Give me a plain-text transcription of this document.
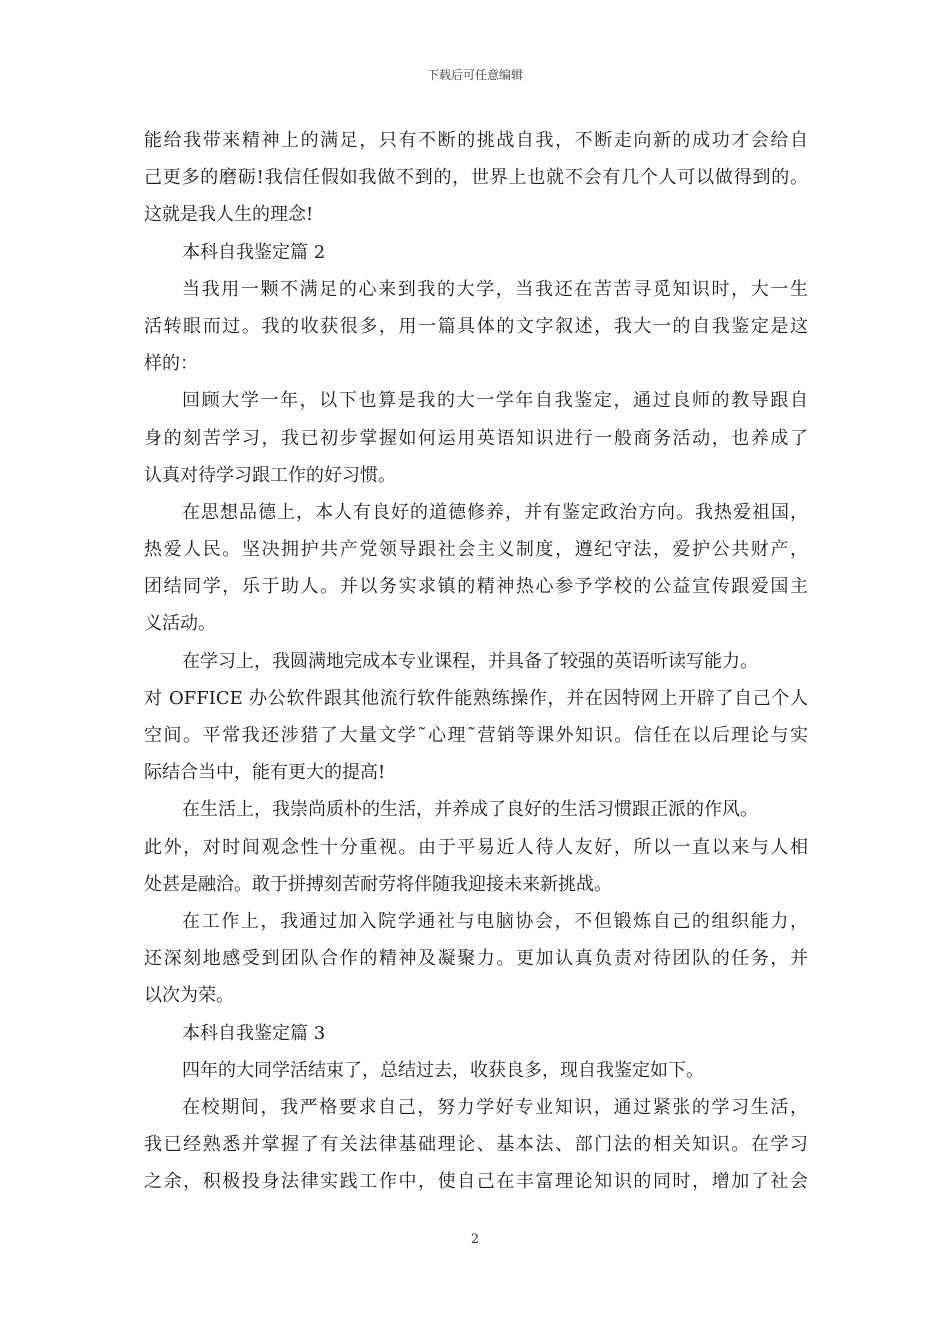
下载后可任意编辑
能给我带来精神上的满足，只有不断的挑战自我，不断走向新的成功才会给自
己更多的磨砺!我信任假如我做不到的，世界上也就不会有几个人可以做得到的。
这就是我人生的理念!
本科自我鉴定篇 2
当我用一颗不满足的心来到我的大学，当我还在苦苦寻觅知识时，大一生
活转眼而过。我的收获很多，用一篇具体的文字叙述，我大一的自我鉴定是这
样的：
回顾大学一年，以下也算是我的大一学年自我鉴定，通过良师的教导跟自
身的刻苦学习，我已初步掌握如何运用英语知识进行一般商务活动，也养成了
认真对待学习跟工作的好习惯。
在思想品德上，本人有良好的道德修养，并有鉴定政治方向。我热爱祖国，
热爱人民。坚决拥护共产党领导跟社会主义制度，遵纪守法，爱护公共财产，
团结同学，乐于助人。并以务实求镇的精神热心参予学校的公益宣传跟爱国主
义活动。
在学习上，我圆满地完成本专业课程，并具备了较强的英语听读写能力。
对 OFFICE 办公软件跟其他流行软件能熟练操作，并在因特网上开辟了自己个人
空间。平常我还涉猎了大量文学˜心理˜营销等课外知识。信任在以后理论与实
际结合当中，能有更大的提高!
在生活上，我崇尚质朴的生活，并养成了良好的生活习惯跟正派的作风。
此外，对时间观念性十分重视。由于平易近人待人友好，所以一直以来与人相
处甚是融洽。敢于拼搏刻苦耐劳将伴随我迎接未来新挑战。
在工作上，我通过加入院学通社与电脑协会，不但锻炼自己的组织能力，
还深刻地感受到团队合作的精神及凝聚力。更加认真负责对待团队的任务，并
以次为荣。
本科自我鉴定篇 3
四年的大同学活结束了，总结过去，收获良多，现自我鉴定如下。
在校期间，我严格要求自己，努力学好专业知识，通过紧张的学习生活，
我已经熟悉并掌握了有关法律基础理论、基本法、部门法的相关知识。在学习
之余，积极投身法律实践工作中，使自己在丰富理论知识的同时，增加了社会
2
